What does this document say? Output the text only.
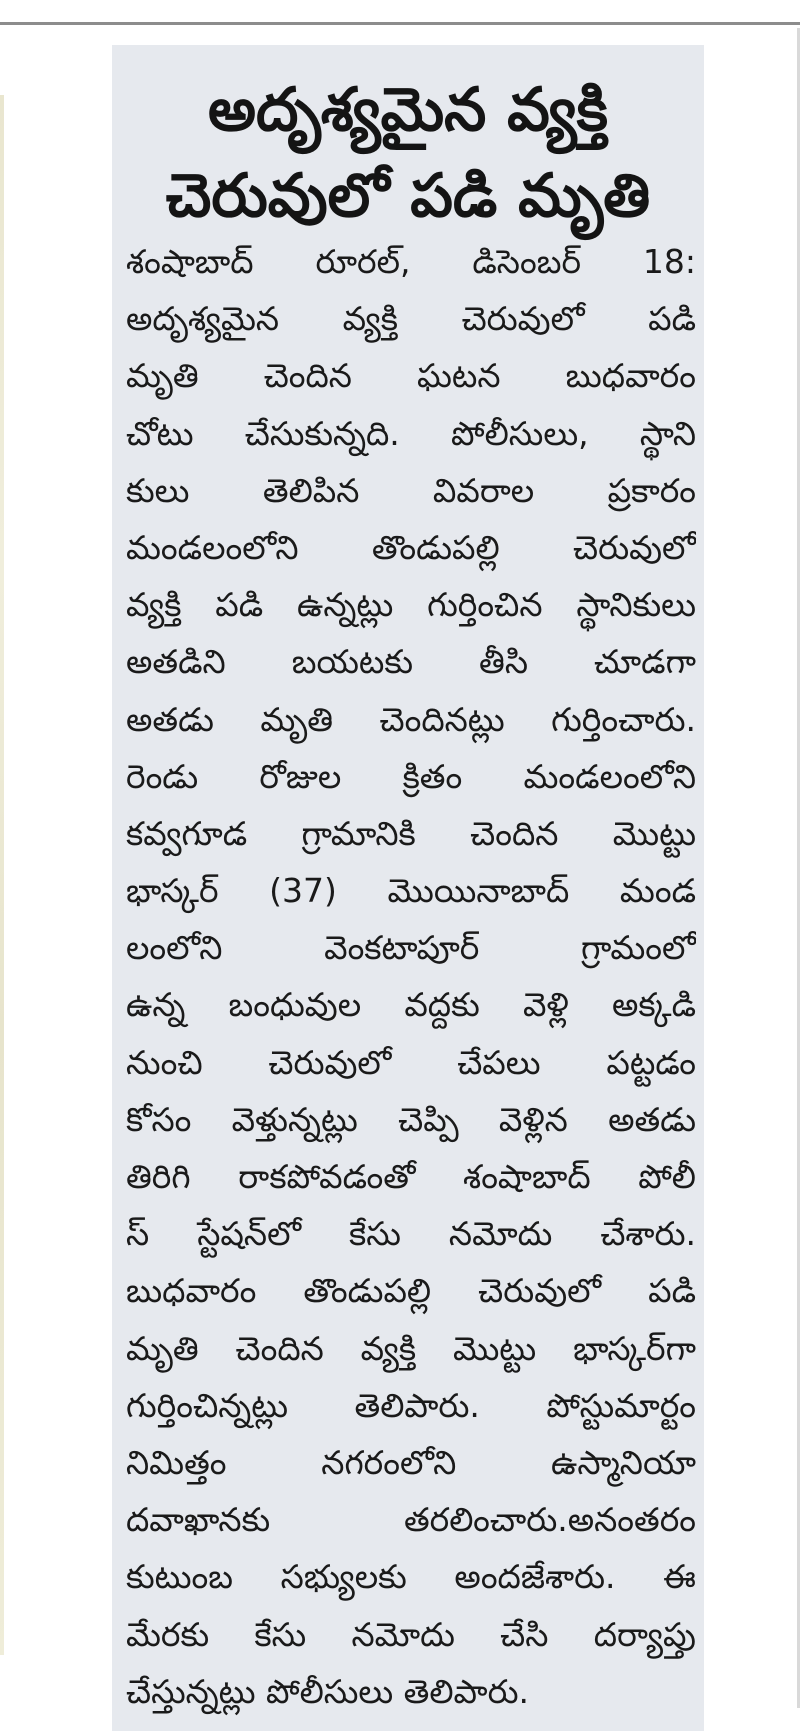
అదృశ్యమైన వ్యక్తి
చెరువులో పడి మృతి
శంషాబాద్ రూరల్, డిసెంబర్ 18:
అదృశ్యమైన వ్యక్తి చెరువులో పడి
మృతి చెందిన ఘటన బుధవారం
చోటు చేసుకున్నది. పోలీసులు, స్థాని
కులు తెలిపిన వివరాల ప్రకారం
మండలంలోని తొండుపల్లి చెరువులో
వ్యక్తి పడి ఉన్నట్లు గుర్తించిన స్థానికులు
అతడిని బయటకు తీసి చూడగా
అతడు మృతి చెందినట్లు గుర్తించారు.
రెండు రోజుల క్రితం మండలంలోని
కవ్వగూడ గ్రామానికి చెందిన మొట్టు
భాస్కర్ (37) మొయినాబాద్ మండ
లంలోని వెంకటాపూర్ గ్రామంలో
ఉన్న బంధువుల వద్దకు వెళ్లి అక్కడి
నుంచి చెరువులో చేపలు పట్టడం
కోసం వెళ్తున్నట్లు చెప్పి వెళ్లిన అతడు
తిరిగి రాకపోవడంతో శంషాబాద్ పోలీ
స్ స్టేషన్‌లో కేసు నమోదు చేశారు.
బుధవారం తొండుపల్లి చెరువులో పడి
మృతి చెందిన వ్యక్తి మొట్టు భాస్కర్‌గా
గుర్తించిన్నట్లు తెలిపారు. పోస్టుమార్టం
నిమిత్తం నగరంలోని ఉస్మానియా
దవాఖానకు తరలించారు.అనంతరం
కుటుంబ సభ్యులకు అందజేశారు. ఈ
మేరకు కేసు నమోదు చేసి దర్యాప్తు
చేస్తున్నట్లు పోలీసులు తెలిపారు.
